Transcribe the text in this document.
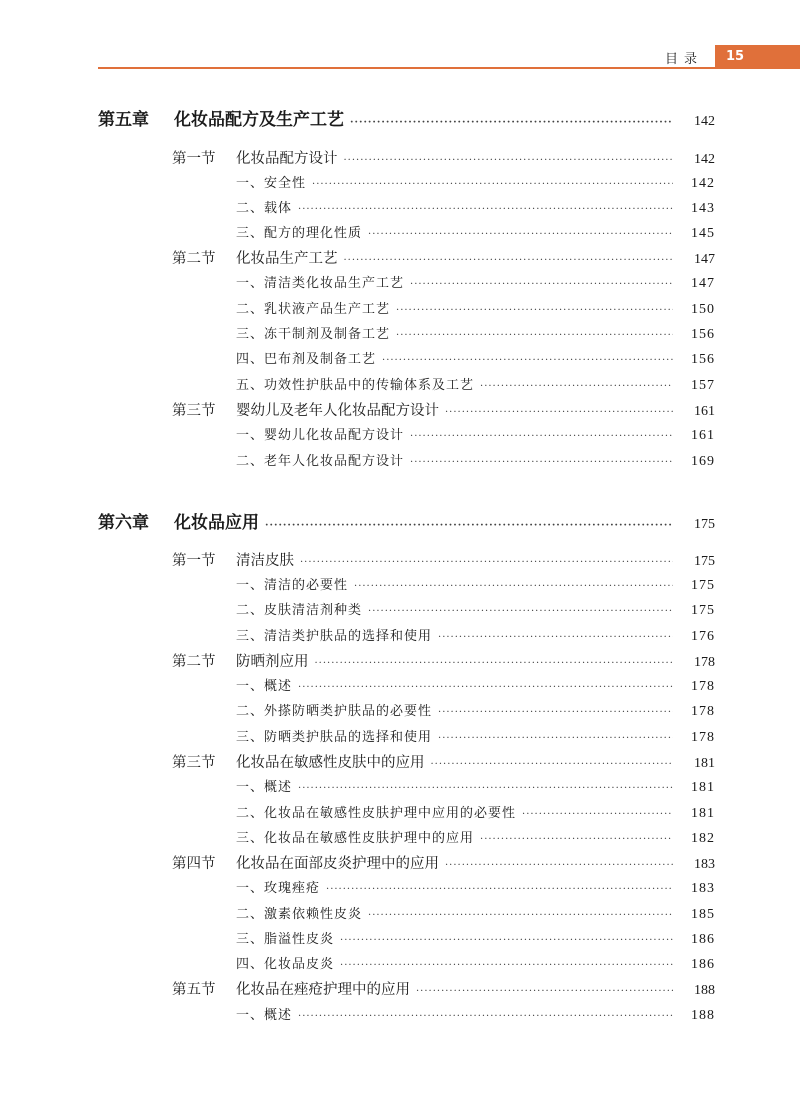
目录	15
第五章 化妆品配方及生产工艺 ·····	142
第一节 化妆品配方设计 ·····	142
一、安全性 ·····	142
二、载体 ·····	143
三、配方的理化性质 ·····	145
第二节 化妆品生产工艺 ·····	147
一、清洁类化妆品生产工艺 ·····	147
二、乳状液产品生产工艺 ·····	150
三、冻干制剂及制备工艺 ·····	156
四、巴布剂及制备工艺 ·····	156
五、功效性护肤品中的传输体系及工艺 ·····	157
第三节 婴幼儿及老年人化妆品配方设计 ·····	161
一、婴幼儿化妆品配方设计 ·····	161
二、老年人化妆品配方设计 ·····	169
第六章 化妆品应用 ·····	175
第一节 清洁皮肤 ·····	175
一、清洁的必要性 ·····	175
二、皮肤清洁剂种类 ·····	175
三、清洁类护肤品的选择和使用 ·····	176
第二节 防晒剂应用 ·····	178
一、概述 ·····	178
二、外搽防晒类护肤品的必要性 ·····	178
三、防晒类护肤品的选择和使用 ·····	178
第三节 化妆品在敏感性皮肤中的应用 ·····	181
一、概述 ·····	181
二、化妆品在敏感性皮肤护理中应用的必要性 ·····	181
三、化妆品在敏感性皮肤护理中的应用 ·····	182
第四节 化妆品在面部皮炎护理中的应用 ·····	183
一、玫瑰痤疮 ·····	183
二、激素依赖性皮炎 ·····	185
三、脂溢性皮炎 ·····	186
四、化妆品皮炎 ·····	186
第五节 化妆品在痤疮护理中的应用 ·····	188
一、概述 ·····	188
